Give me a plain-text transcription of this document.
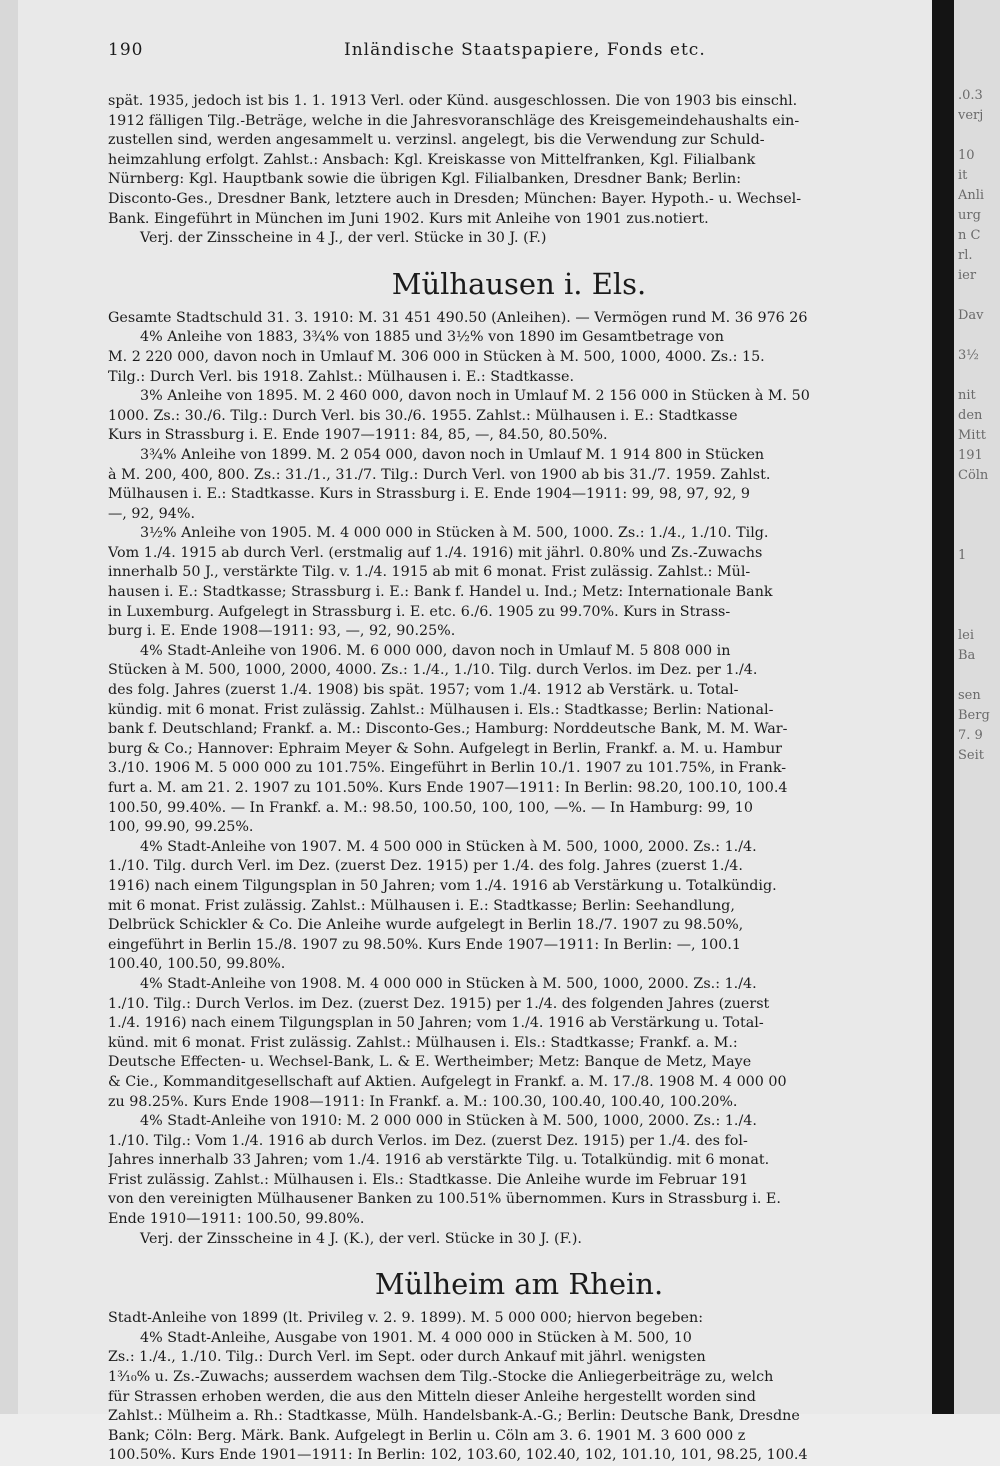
190	Inländische Staatspapiere, Fonds etc.
spät. 1935, jedoch ist bis 1. 1. 1913 Verl. oder Künd. ausgeschlossen. Die von 1903 bis einschl.
1912 fälligen Tilg.-Beträge, welche in die Jahresvoranschläge des Kreisgemeindehaushalts ein-
zustellen sind, werden angesammelt u. verzinsl. angelegt, bis die Verwendung zur Schuld-
heimzahlung erfolgt. Zahlst.: Ansbach: Kgl. Kreiskasse von Mittelfranken, Kgl. Filialbank
Nürnberg: Kgl. Hauptbank sowie die übrigen Kgl. Filialbanken, Dresdner Bank; Berlin:
Disconto-Ges., Dresdner Bank, letztere auch in Dresden; München: Bayer. Hypoth.- u. Wechsel-
Bank. Eingeführt in München im Juni 1902. Kurs mit Anleihe von 1901 zus.notiert.
Verj. der Zinsscheine in 4 J., der verl. Stücke in 30 J. (F.)
Mülhausen i. Els.
Gesamte Stadtschuld 31. 3. 1910: M. 31 451 490.50 (Anleihen). — Vermögen rund M. 36 976 26
4% Anleihe von 1883, 3¾% von 1885 und 3½% von 1890 im Gesamtbetrage von
M. 2 220 000, davon noch in Umlauf M. 306 000 in Stücken à M. 500, 1000, 4000. Zs.: 15.
Tilg.: Durch Verl. bis 1918. Zahlst.: Mülhausen i. E.: Stadtkasse.
3% Anleihe von 1895. M. 2 460 000, davon noch in Umlauf M. 2 156 000 in Stücken à M. 50
1000. Zs.: 30./6. Tilg.: Durch Verl. bis 30./6. 1955. Zahlst.: Mülhausen i. E.: Stadtkasse
Kurs in Strassburg i. E. Ende 1907—1911: 84, 85, —, 84.50, 80.50%.
3¾% Anleihe von 1899. M. 2 054 000, davon noch in Umlauf M. 1 914 800 in Stücken
à M. 200, 400, 800. Zs.: 31./1., 31./7. Tilg.: Durch Verl. von 1900 ab bis 31./7. 1959. Zahlst.
Mülhausen i. E.: Stadtkasse. Kurs in Strassburg i. E. Ende 1904—1911: 99, 98, 97, 92, 9
—, 92, 94%.
3½% Anleihe von 1905. M. 4 000 000 in Stücken à M. 500, 1000. Zs.: 1./4., 1./10. Tilg.
Vom 1./4. 1915 ab durch Verl. (erstmalig auf 1./4. 1916) mit jährl. 0.80% und Zs.-Zuwachs
innerhalb 50 J., verstärkte Tilg. v. 1./4. 1915 ab mit 6 monat. Frist zulässig. Zahlst.: Mül-
hausen i. E.: Stadtkasse; Strassburg i. E.: Bank f. Handel u. Ind.; Metz: Internationale Bank
in Luxemburg. Aufgelegt in Strassburg i. E. etc. 6./6. 1905 zu 99.70%. Kurs in Strass-
burg i. E. Ende 1908—1911: 93, —, 92, 90.25%.
4% Stadt-Anleihe von 1906. M. 6 000 000, davon noch in Umlauf M. 5 808 000 in
Stücken à M. 500, 1000, 2000, 4000. Zs.: 1./4., 1./10. Tilg. durch Verlos. im Dez. per 1./4.
des folg. Jahres (zuerst 1./4. 1908) bis spät. 1957; vom 1./4. 1912 ab Verstärk. u. Total-
kündig. mit 6 monat. Frist zulässig. Zahlst.: Mülhausen i. Els.: Stadtkasse; Berlin: National-
bank f. Deutschland; Frankf. a. M.: Disconto-Ges.; Hamburg: Norddeutsche Bank, M. M. War-
burg & Co.; Hannover: Ephraim Meyer & Sohn. Aufgelegt in Berlin, Frankf. a. M. u. Hambur
3./10. 1906 M. 5 000 000 zu 101.75%. Eingeführt in Berlin 10./1. 1907 zu 101.75%, in Frank-
furt a. M. am 21. 2. 1907 zu 101.50%. Kurs Ende 1907—1911: In Berlin: 98.20, 100.10, 100.4
100.50, 99.40%. — In Frankf. a. M.: 98.50, 100.50, 100, 100, —%. — In Hamburg: 99, 10
100, 99.90, 99.25%.
4% Stadt-Anleihe von 1907. M. 4 500 000 in Stücken à M. 500, 1000, 2000. Zs.: 1./4.
1./10. Tilg. durch Verl. im Dez. (zuerst Dez. 1915) per 1./4. des folg. Jahres (zuerst 1./4.
1916) nach einem Tilgungsplan in 50 Jahren; vom 1./4. 1916 ab Verstärkung u. Totalkündig.
mit 6 monat. Frist zulässig. Zahlst.: Mülhausen i. E.: Stadtkasse; Berlin: Seehandlung,
Delbrück Schickler & Co. Die Anleihe wurde aufgelegt in Berlin 18./7. 1907 zu 98.50%,
eingeführt in Berlin 15./8. 1907 zu 98.50%. Kurs Ende 1907—1911: In Berlin: —, 100.1
100.40, 100.50, 99.80%.
4% Stadt-Anleihe von 1908. M. 4 000 000 in Stücken à M. 500, 1000, 2000. Zs.: 1./4.
1./10. Tilg.: Durch Verlos. im Dez. (zuerst Dez. 1915) per 1./4. des folgenden Jahres (zuerst
1./4. 1916) nach einem Tilgungsplan in 50 Jahren; vom 1./4. 1916 ab Verstärkung u. Total-
künd. mit 6 monat. Frist zulässig. Zahlst.: Mülhausen i. Els.: Stadtkasse; Frankf. a. M.:
Deutsche Effecten- u. Wechsel-Bank, L. & E. Wertheimber; Metz: Banque de Metz, Maye
& Cie., Kommanditgesellschaft auf Aktien. Aufgelegt in Frankf. a. M. 17./8. 1908 M. 4 000 00
zu 98.25%. Kurs Ende 1908—1911: In Frankf. a. M.: 100.30, 100.40, 100.40, 100.20%.
4% Stadt-Anleihe von 1910: M. 2 000 000 in Stücken à M. 500, 1000, 2000. Zs.: 1./4.
1./10. Tilg.: Vom 1./4. 1916 ab durch Verlos. im Dez. (zuerst Dez. 1915) per 1./4. des fol-
Jahres innerhalb 33 Jahren; vom 1./4. 1916 ab verstärkte Tilg. u. Totalkündig. mit 6 monat.
Frist zulässig. Zahlst.: Mülhausen i. Els.: Stadtkasse. Die Anleihe wurde im Februar 191
von den vereinigten Mülhausener Banken zu 100.51% übernommen. Kurs in Strassburg i. E.
Ende 1910—1911: 100.50, 99.80%.
Verj. der Zinsscheine in 4 J. (K.), der verl. Stücke in 30 J. (F.).
Mülheim am Rhein.
Stadt-Anleihe von 1899 (lt. Privileg v. 2. 9. 1899). M. 5 000 000; hiervon begeben:
4% Stadt-Anleihe, Ausgabe von 1901. M. 4 000 000 in Stücken à M. 500, 10
Zs.: 1./4., 1./10. Tilg.: Durch Verl. im Sept. oder durch Ankauf mit jährl. wenigsten
1³⁄₁₀% u. Zs.-Zuwachs; ausserdem wachsen dem Tilg.-Stocke die Anliegerbeiträge zu, welch
für Strassen erhoben werden, die aus den Mitteln dieser Anleihe hergestellt worden sind
Zahlst.: Mülheim a. Rh.: Stadtkasse, Mülh. Handelsbank-A.-G.; Berlin: Deutsche Bank, Dresdne
Bank; Cöln: Berg. Märk. Bank. Aufgelegt in Berlin u. Cöln am 3. 6. 1901 M. 3 600 000 z
100.50%. Kurs Ende 1901—1911: In Berlin: 102, 103.60, 102.40, 102, 101.10, 101, 98.25, 100.4
.0.3
verj

10
it
Anli
urg
n C
rl.
ier

Dav

3½

nit
den
Mitt
191
Cöln

1

lei
Ba

sen
Berg
7. 9
Seit
